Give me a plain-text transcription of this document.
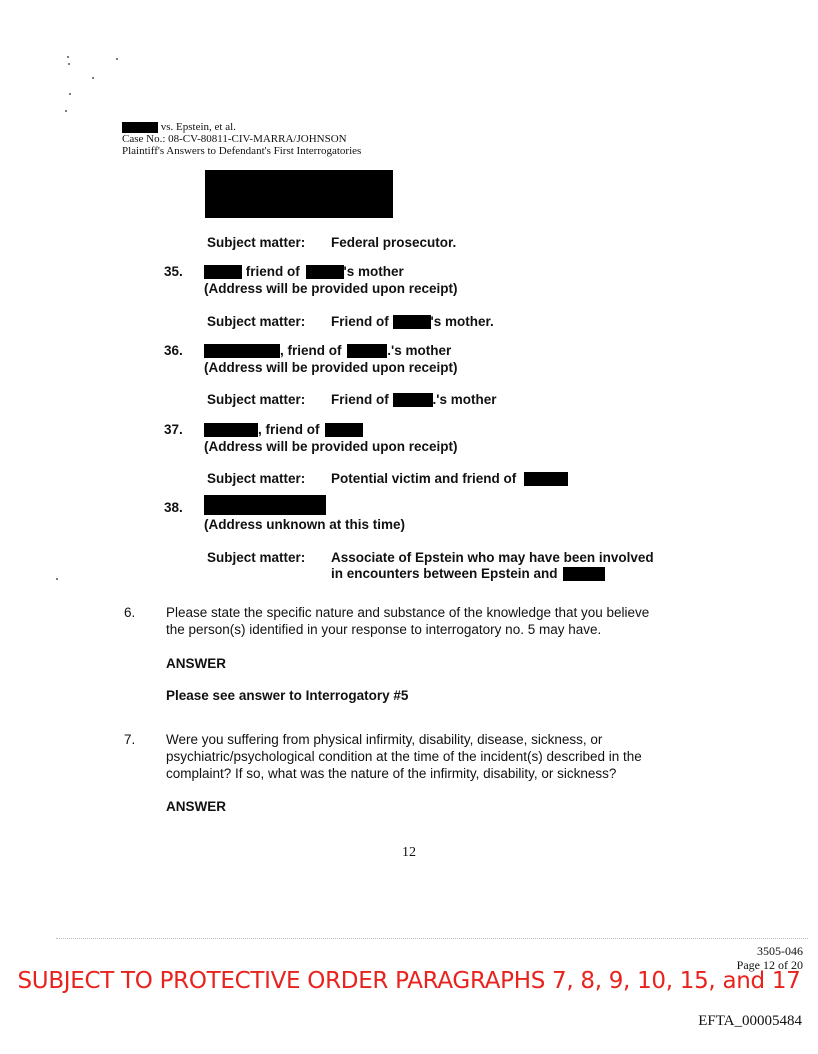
vs. Epstein, et al.
Case No.: 08-CV-80811-CIV-MARRA/JOHNSON
Plaintiff's Answers to Defendant's First Interrogatories
Subject matter: Federal prosecutor.
35.	friend of	's mother
(Address will be provided upon receipt)
Subject matter: Friend of	's mother.
36.	, friend of	.'s mother
(Address will be provided upon receipt)
Subject matter: Friend of	.'s mother
37.	, friend of
(Address will be provided upon receipt)
Subject matter: Potential victim and friend of
38.
(Address unknown at this time)
Subject matter: Associate of Epstein who may have been involved
in encounters between Epstein and
6. Please state the specific nature and substance of the knowledge that you believe
the person(s) identified in your response to interrogatory no. 5 may have.
ANSWER
Please see answer to Interrogatory #5
7. Were you suffering from physical infirmity, disability, disease, sickness, or
psychiatric/psychological condition at the time of the incident(s) described in the
complaint? If so, what was the nature of the infirmity, disability, or sickness?
ANSWER
12
3505-046
Page 12 of 20
SUBJECT TO PROTECTIVE ORDER PARAGRAPHS 7, 8, 9, 10, 15, and 17
EFTA_00005484
